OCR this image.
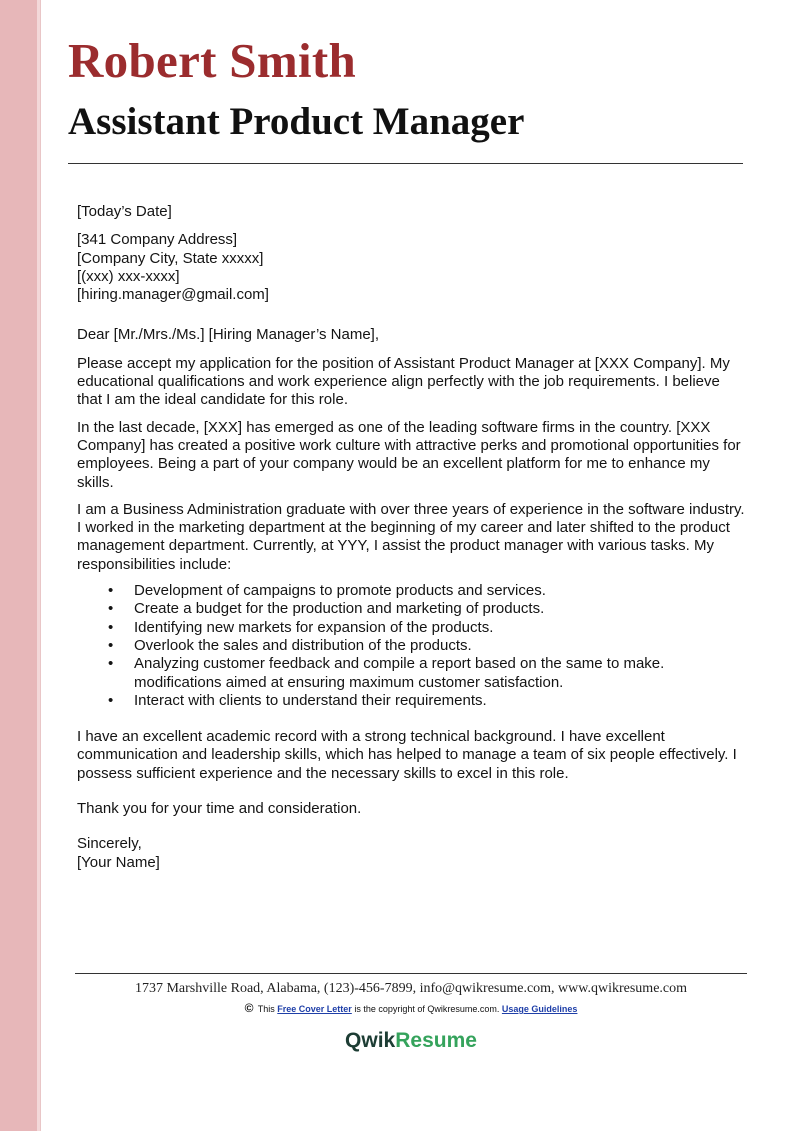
Robert Smith
Assistant Product Manager

[Today’s Date]

[341 Company Address]

[Company City, State xxxxx]

[(xxx) xxx-xxxx]

[hiring.manager@gmail.com]

Dear [Mr./Mrs./Ms.] [Hiring Manager’s Name],

Please accept my application for the position of Assistant Product Manager at [XXX Company]. My educational qualifications and work experience align perfectly with the job requirements. I believe that I am the ideal candidate for this role.

In the last decade, [XXX] has emerged as one of the leading software firms in the country. [XXX Company] has created a positive work culture with attractive perks and promotional opportunities for employees. Being a part of your company would be an excellent platform for me to enhance my skills.

I am a Business Administration graduate with over three years of experience in the software industry. I worked in the marketing department at the beginning of my career and later shifted to the product management department. Currently, at YYY, I assist the product manager with various tasks. My responsibilities include:

• Development of campaigns to promote products and services.
• Create a budget for the production and marketing of products.
• Identifying new markets for expansion of the products.
• Overlook the sales and distribution of the products.
• Analyzing customer feedback and compile a report based on the same to make. modifications aimed at ensuring maximum customer satisfaction.
• Interact with clients to understand their requirements.

I have an excellent academic record with a strong technical background. I have excellent communication and leadership skills, which has helped to manage a team of six people effectively. I possess sufficient experience and the necessary skills to excel in this role.

Thank you for your time and consideration.

Sincerely,

[Your Name]

1737 Marshville Road, Alabama, (123)-456-7899, info@qwikresume.com, www.qwikresume.com
© This Free Cover Letter is the copyright of Qwikresume.com. Usage Guidelines
QwikResume
